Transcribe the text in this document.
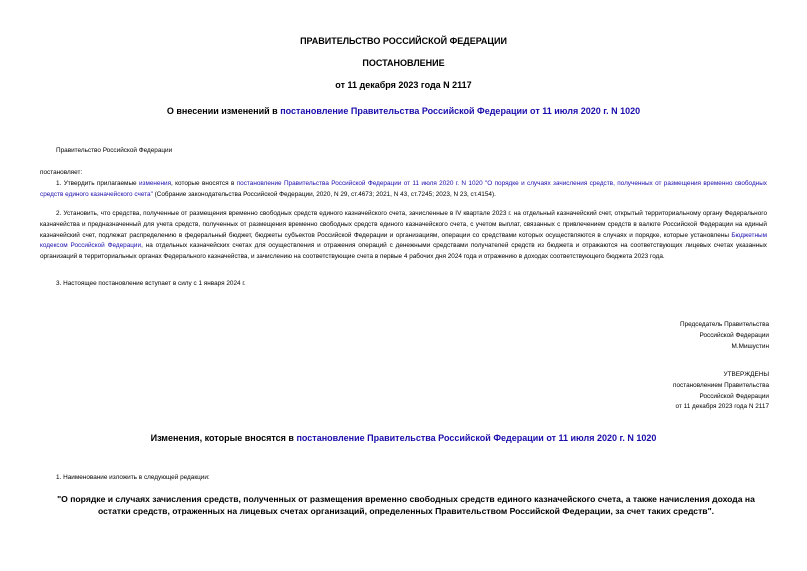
ПРАВИТЕЛЬСТВО РОССИЙСКОЙ ФЕДЕРАЦИИ
ПОСТАНОВЛЕНИЕ
от 11 декабря 2023 года N 2117
О внесении изменений в постановление Правительства Российской Федерации от 11 июля 2020 г. N 1020
Правительство Российской Федерации
постановляет:
1. Утвердить прилагаемые изменения, которые вносятся в постановление Правительства Российской Федерации от 11 июля 2020 г. N 1020 "О порядке и случаях зачисления средств, полученных от размещения временно свободных средств единого казначейского счета" (Собрание законодательства Российской Федерации, 2020, N 29, ст.4673; 2021, N 43, ст.7245; 2023, N 23, ст.4154).
2. Установить, что средства, полученные от размещения временно свободных средств единого казначейского счета, зачисленные в IV квартале 2023 г. на отдельный казначейский счет, открытый территориальному органу Федерального казначейства и предназначенный для учета средств, полученных от размещения временно свободных средств единого казначейского счета, с учетом выплат, связанных с привлечением средств в валюте Российской Федерации на единый казначейский счет, подлежат распределению в федеральный бюджет, бюджеты субъектов Российской Федерации и организациям, операции со средствами которых осуществляются в случаях и порядке, которые установлены Бюджетным кодексом Российской Федерации, на отдельных казначейских счетах для осуществления и отражения операций с денежными средствами получателей средств из бюджета и отражаются на соответствующих лицевых счетах указанных организаций в территориальных органах Федерального казначейства, и зачислению на соответствующие счета в первые 4 рабочих дня 2024 года и отражению в доходах соответствующего бюджета 2023 года.
3. Настоящее постановление вступает в силу с 1 января 2024 г.
Председатель Правительства
Российской Федерации
М.Мишустин
УТВЕРЖДЕНЫ
постановлением Правительства
Российской Федерации
от 11 декабря 2023 года N 2117
Изменения, которые вносятся в постановление Правительства Российской Федерации от 11 июля 2020 г. N 1020
1. Наименование изложить в следующей редакции:
"О порядке и случаях зачисления средств, полученных от размещения временно свободных средств единого казначейского счета, а также начисления дохода на остатки средств, отраженных на лицевых счетах организаций, определенных Правительством Российской Федерации, за счет таких средств".
